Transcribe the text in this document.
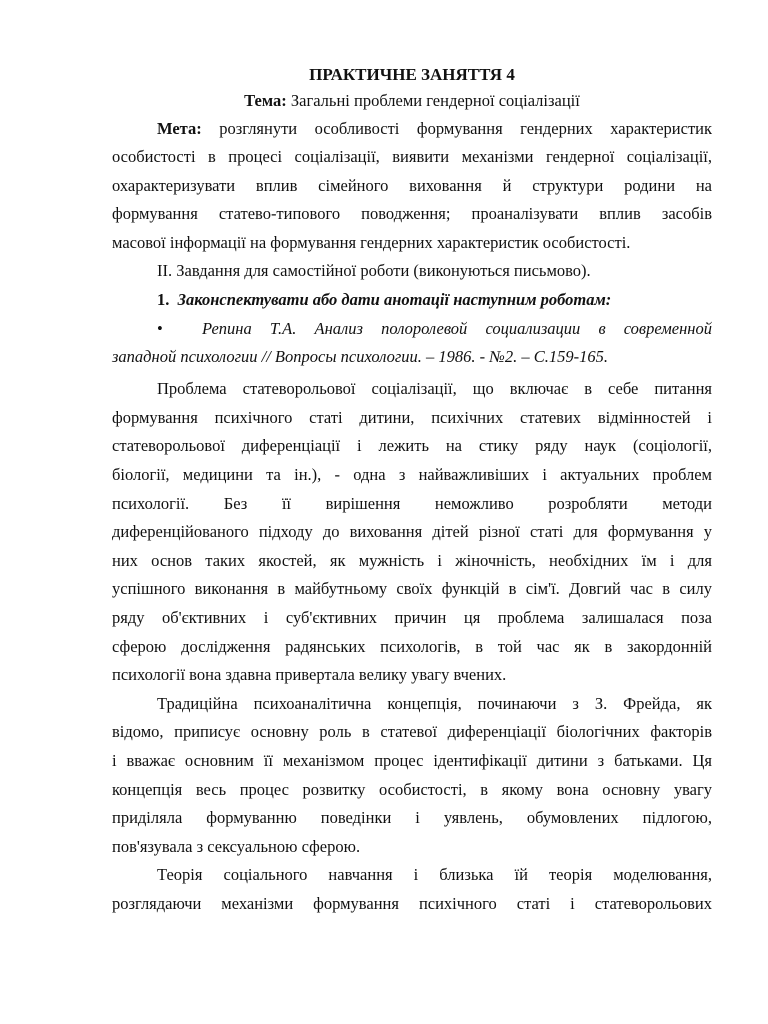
ПРАКТИЧНЕ ЗАНЯТТЯ 4
Тема: Загальні проблеми гендерної соціалізації
Мета: розглянути особливості формування гендерних характеристик
особистості в процесі соціалізації, виявити механізми гендерної соціалізації,
охарактеризувати вплив сімейного виховання й структури родини на
формування статево-типового поводження; проаналізувати вплив засобів
масової інформації на формування гендерних характеристик особистості.
ІІ. Завдання для самостійної роботи (виконуються письмово).
1. Законспектувати або дати анотації наступним роботам:
•	Репина Т.А. Анализ полоролевой социализации в современной
западной психологии // Вопросы психологии. – 1986. - №2. – С.159-165.
Проблема статеворольової соціалізації, що включає в себе питання
формування психічного статі дитини, психічних статевих відмінностей і
статеворольової диференціації і лежить на стику ряду наук (соціології,
біології, медицини та ін.), - одна з найважливіших і актуальних проблем
психології. Без її вирішення неможливо розробляти методи
диференційованого підходу до виховання дітей різної статі для формування у
них основ таких якостей, як мужність і жіночність, необхідних їм і для
успішного виконання в майбутньому своїх функцій в сім'ї. Довгий час в силу
ряду об'єктивних і суб'єктивних причин ця проблема залишалася поза
сферою дослідження радянських психологів, в той час як в закордонній
психології вона здавна привертала велику увагу вчених.
Традиційна психоаналітична концепція, починаючи з З. Фрейда, як
відомо, приписує основну роль в статевої диференціації біологічних факторів
і вважає основним її механізмом процес ідентифікації дитини з батьками. Ця
концепція весь процес розвитку особистості, в якому вона основну увагу
приділяла формуванню поведінки і уявлень, обумовлених підлогою,
пов'язувала з сексуальною сферою.
Теорія соціального навчання і близька їй теорія моделювання,
розглядаючи механізми формування психічного статі і статеворольових
